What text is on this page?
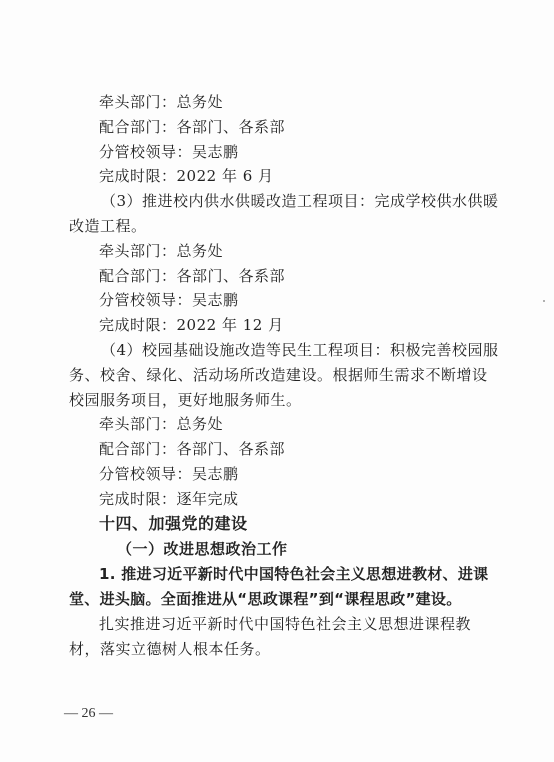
牵头部门：总务处
配合部门：各部门、各系部
分管校领导：吴志鹏
完成时限：2022 年 6 月
（3）推进校内供水供暖改造工程项目：完成学校供水供暖
改造工程。
牵头部门：总务处
配合部门：各部门、各系部
分管校领导：吴志鹏
完成时限：2022 年 12 月
（4）校园基础设施改造等民生工程项目：积极完善校园服
务、校舍、绿化、活动场所改造建设。根据师生需求不断增设
校园服务项目，更好地服务师生。
牵头部门：总务处
配合部门：各部门、各系部
分管校领导：吴志鹏
完成时限：逐年完成
十四、加强党的建设
（一）改进思想政治工作
1. 推进习近平新时代中国特色社会主义思想进教材、进课
堂、进头脑。全面推进从“思政课程”到“课程思政”建设。
扎实推进习近平新时代中国特色社会主义思想进课程教
材，落实立德树人根本任务。
— 26 —
